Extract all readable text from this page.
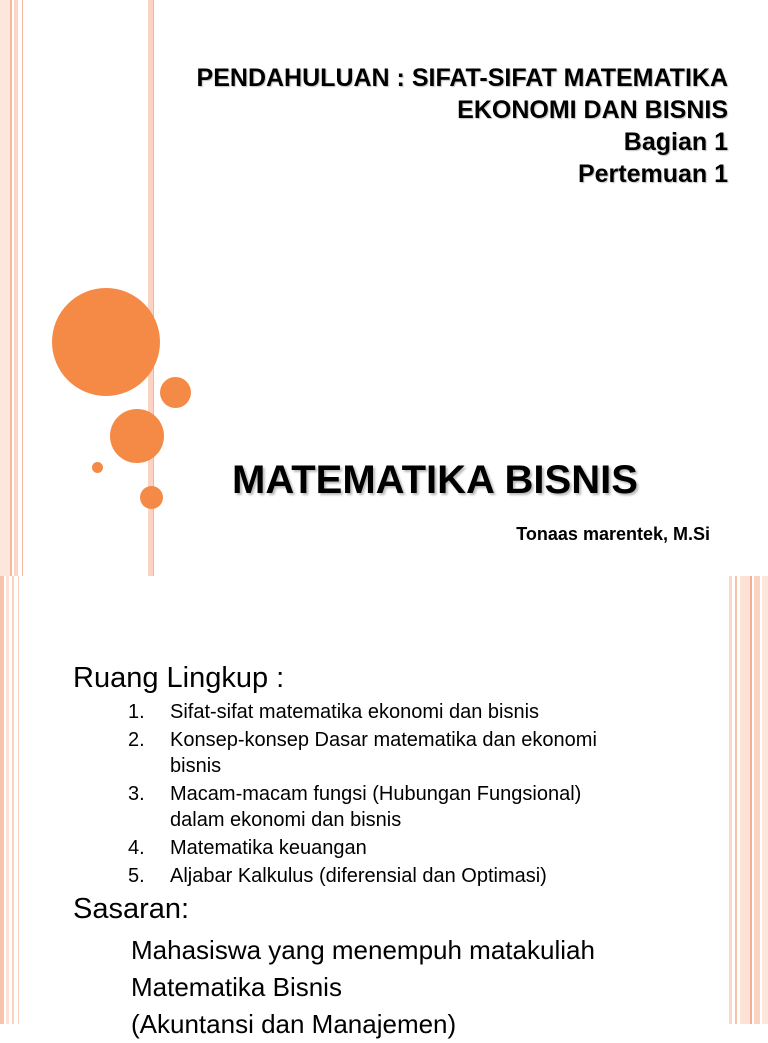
PENDAHULUAN : SIFAT-SIFAT MATEMATIKA
EKONOMI DAN BISNIS
Bagian 1
Pertemuan 1
MATEMATIKA BISNIS
Tonaas marentek, M.Si
Ruang Lingkup :
1. Sifat-sifat matematika ekonomi dan bisnis
2. Konsep-konsep Dasar matematika dan ekonomi
bisnis
3. Macam-macam fungsi (Hubungan Fungsional)
dalam ekonomi dan bisnis
4. Matematika keuangan
5. Aljabar Kalkulus (diferensial dan Optimasi)
Sasaran:
Mahasiswa yang menempuh matakuliah
Matematika Bisnis
(Akuntansi dan Manajemen)
